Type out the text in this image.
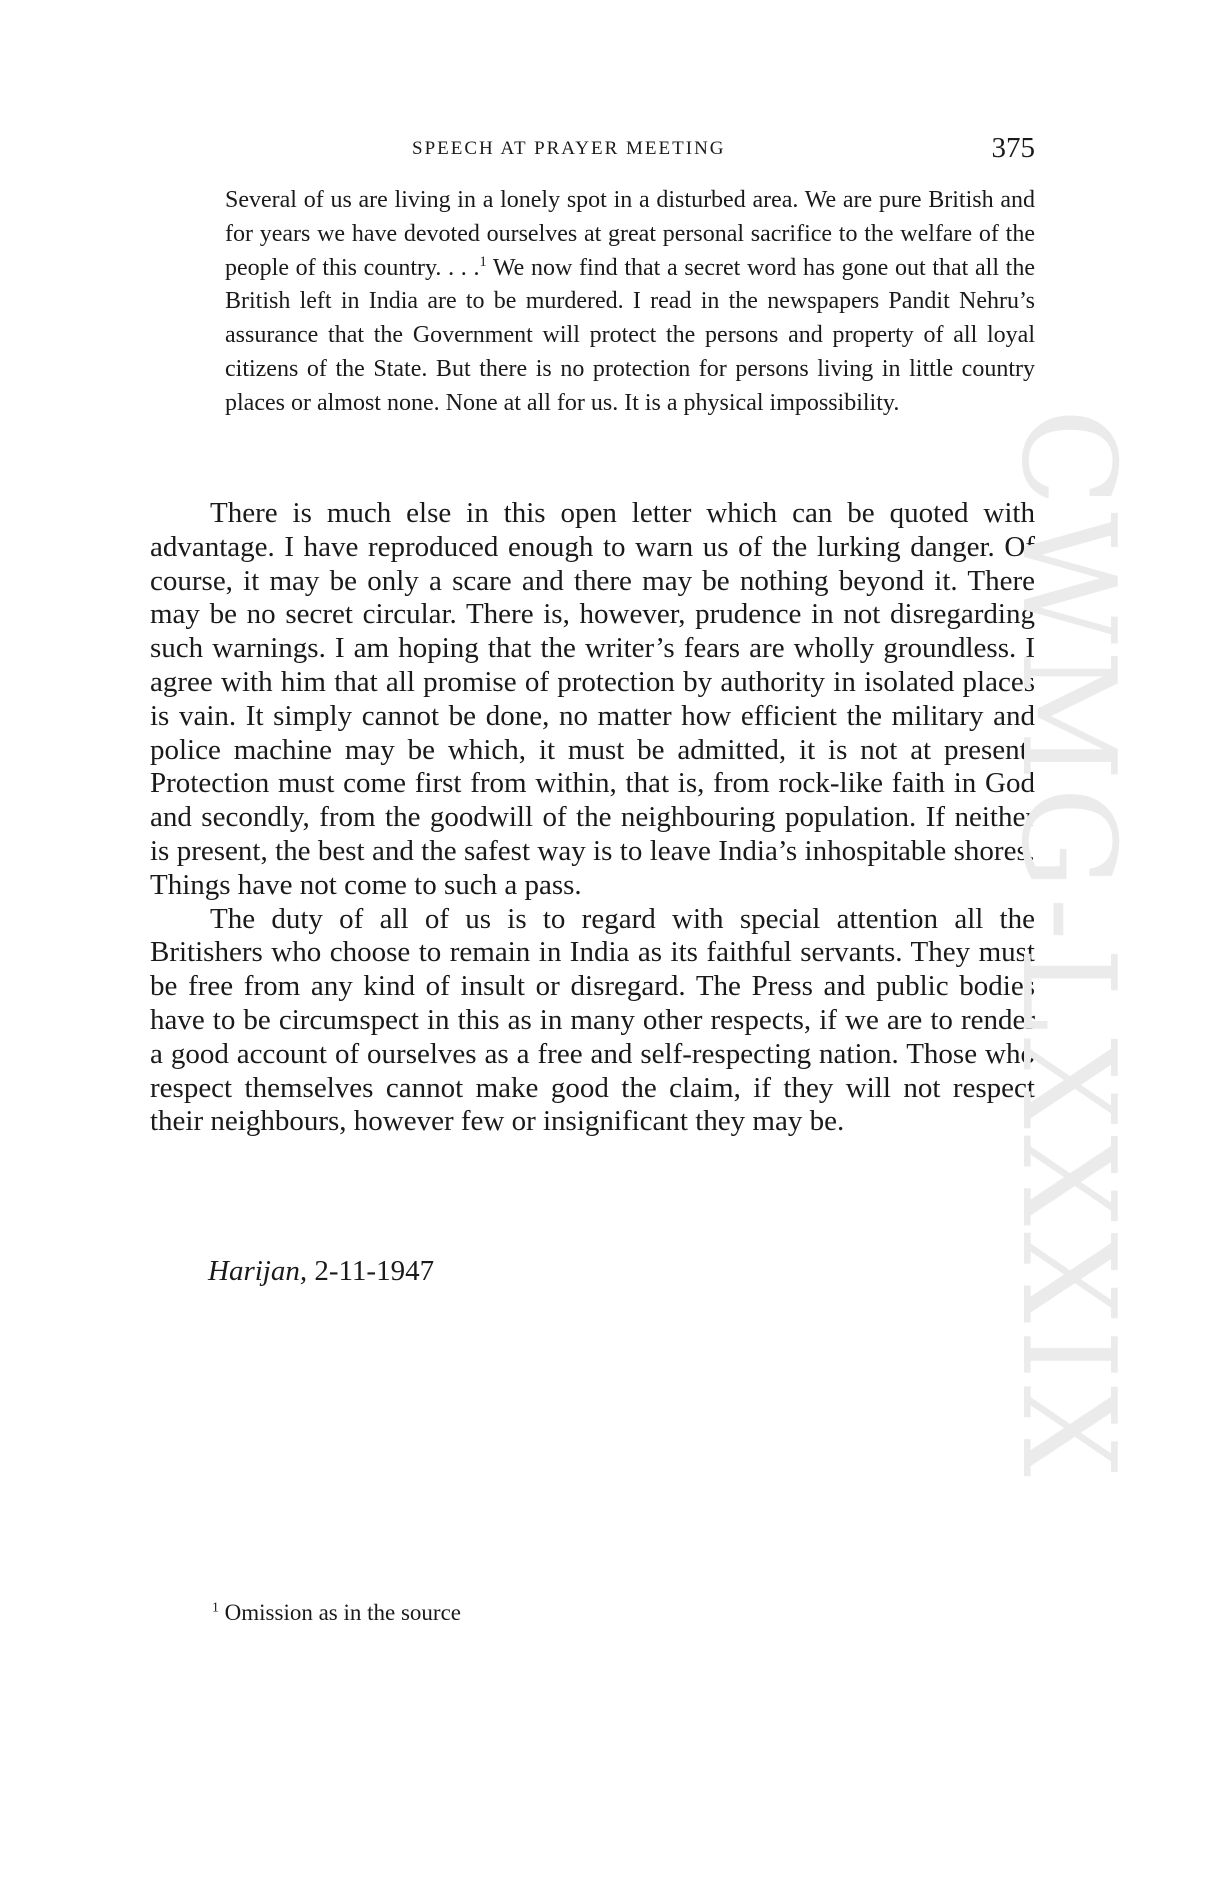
SPEECH AT PRAYER MEETING	375

Several of us are living in a lonely spot in a disturbed area. We are pure British and for years we have devoted ourselves at great personal sacrifice to the welfare of the people of this country. . . .$^1$ We now find that a secret word has gone out that all the British left in India are to be murdered. I read in the newspapers Pandit Nehru’s assurance that the Government will protect the persons and property of all loyal citizens of the State. But there is no protection for persons living in little country places or almost none. None at all for us. It is a physical impossibility.

There is much else in this open letter which can be quoted with advantage. I have reproduced enough to warn us of the lurking danger. Of course, it may be only a scare and there may be nothing beyond it. There may be no secret circular. There is, however, prudence in not disregarding such warnings. I am hoping that the writer’s fears are wholly groundless. I agree with him that all promise of protection by authority in isolated places is vain. It simply cannot be done, no matter how efficient the military and police machine may be which, it must be admitted, it is not at present. Protection must come first from within, that is, from rock-like faith in God and secondly, from the goodwill of the neighbouring population. If neither is present, the best and the safest way is to leave India’s inhospitable shores. Things have not come to such a pass.

The duty of all of us is to regard with special attention all the Britishers who choose to remain in India as its faithful servants. They must be free from any kind of insult or disregard. The Press and public bodies have to be circumspect in this as in many other respects, if we are to render a good account of ourselves as a free and self-respecting nation. Those who respect themselves cannot make good the claim, if they will not respect their neighbours, however few or insignificant they may be.

Harijan, 2-11-1947
$^1$ Omission as in the source
CWMG-LXXXIX
